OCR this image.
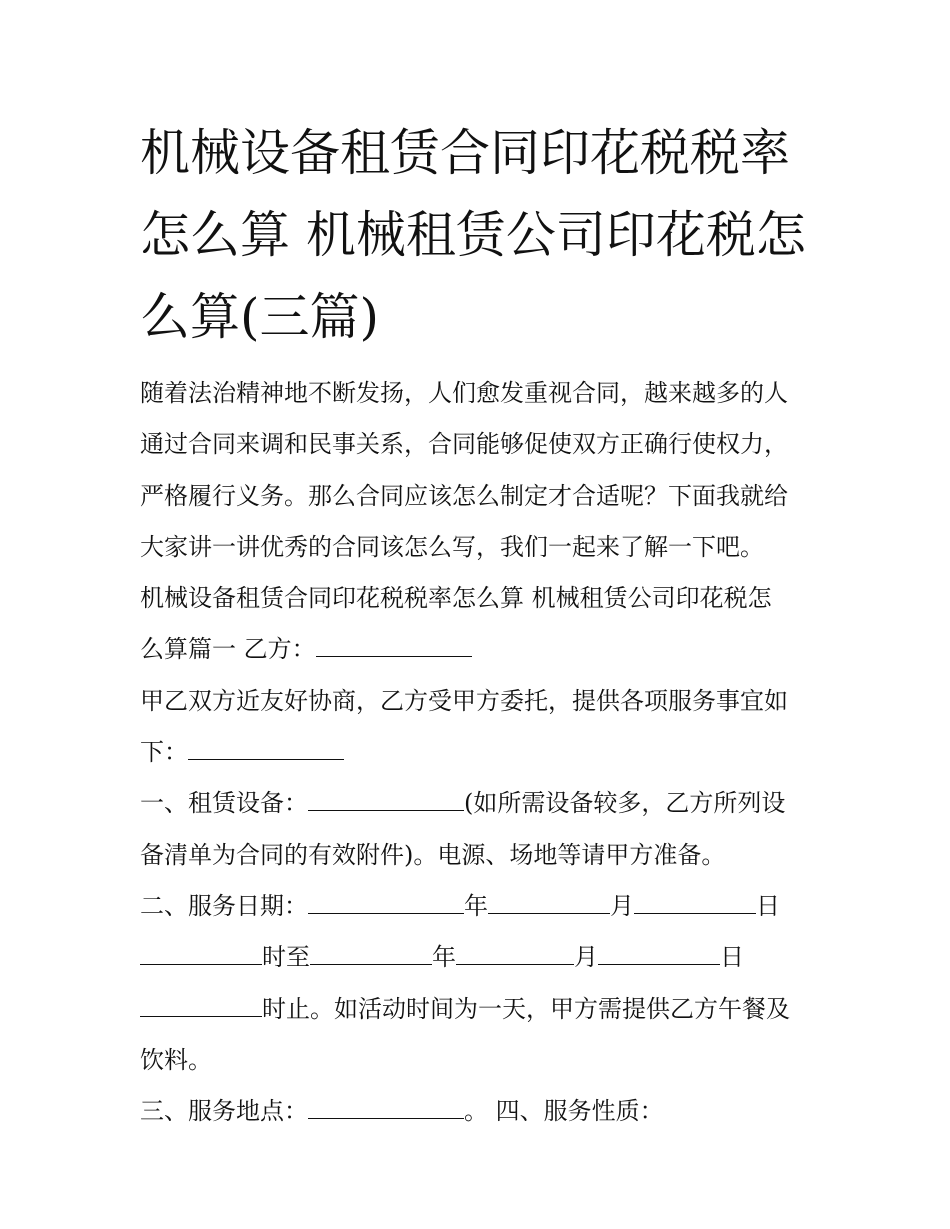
机械设备租赁合同印花税税率
怎么算 机械租赁公司印花税怎
么算(三篇)
随着法治精神地不断发扬，人们愈发重视合同，越来越多的人
通过合同来调和民事关系，合同能够促使双方正确行使权力，
严格履行义务。那么合同应该怎么制定才合适呢？下面我就给
大家讲一讲优秀的合同该怎么写，我们一起来了解一下吧。
机械设备租赁合同印花税税率怎么算 机械租赁公司印花税怎
么算篇一 乙方：
甲乙双方近友好协商，乙方受甲方委托，提供各项服务事宜如
下：
一、租赁设备：	(如所需设备较多，乙方所列设
备清单为合同的有效附件)。电源、场地等请甲方准备。
二、服务日期：	年	月	日
时至	年	月	日
时止。如活动时间为一天，甲方需提供乙方午餐及
饮料。
三、服务地点：	。 四、服务性质：
